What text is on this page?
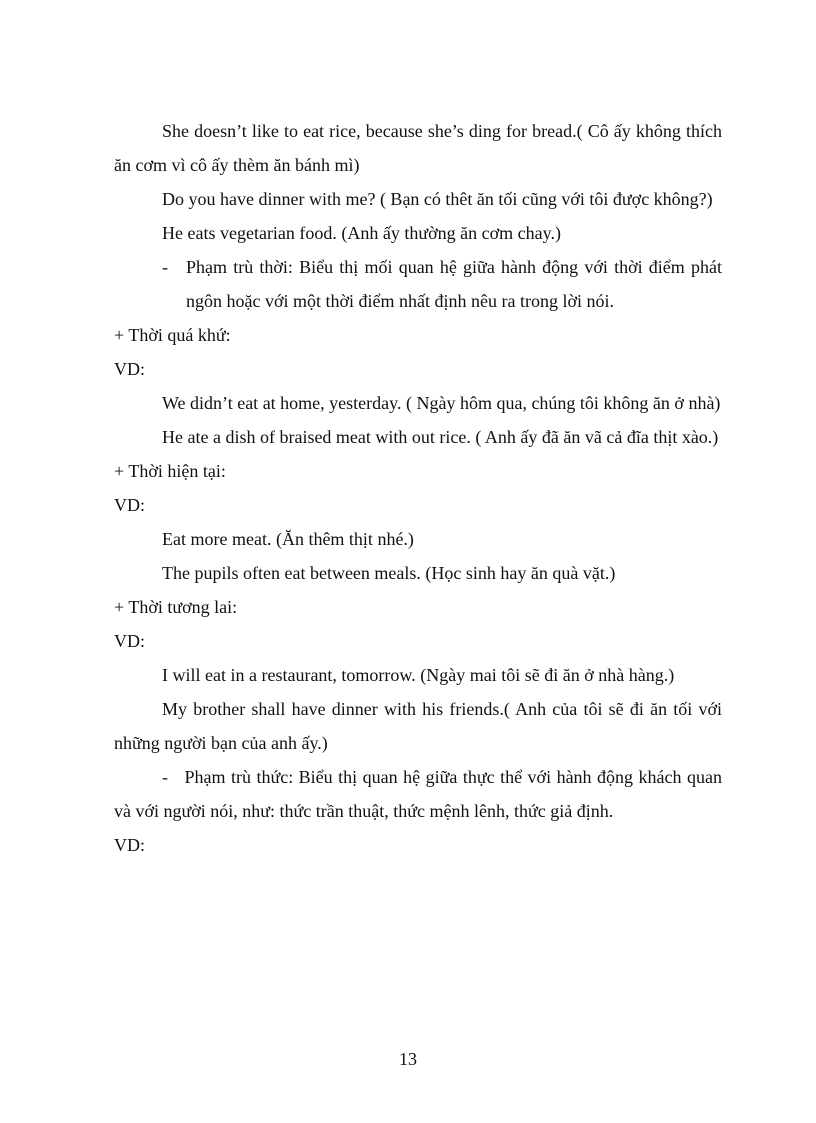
She doesn’t like to eat rice, because she’s ding for bread.( Cô ấy không thích ăn cơm vì cô ấy thèm ăn bánh mì)

Do you have dinner with me? ( Bạn có thêt ăn tối cũng với tôi được không?)

He eats vegetarian food. (Anh ấy thường ăn cơm chay.)

- Phạm trù thời: Biểu thị mối quan hệ giữa hành động với thời điểm phát ngôn hoặc với một thời điểm nhất định nêu ra trong lời nói.

+ Thời quá khứ:

VD:

We didn’t eat at home, yesterday. ( Ngày hôm qua, chúng tôi không ăn ở nhà)

He ate a dish of braised meat with out rice. ( Anh ấy đã ăn vã cả đĩa thịt xào.)

+ Thời hiện tại:

VD:

Eat more meat. (Ăn thêm thịt nhé.)

The pupils often eat between meals. (Học sinh hay ăn quà vặt.)

+ Thời tương lai:

VD:

I will eat in a restaurant, tomorrow. (Ngày mai tôi sẽ đi ăn ở nhà hàng.)

My brother shall have dinner with his friends.( Anh của tôi sẽ đi ăn tối với những người bạn của anh ấy.)

- Phạm trù thức: Biểu thị quan hệ giữa thực thể với hành động khách quan và với người nói, như: thức trần thuật, thức mệnh lênh, thức giả định.

VD:

13
